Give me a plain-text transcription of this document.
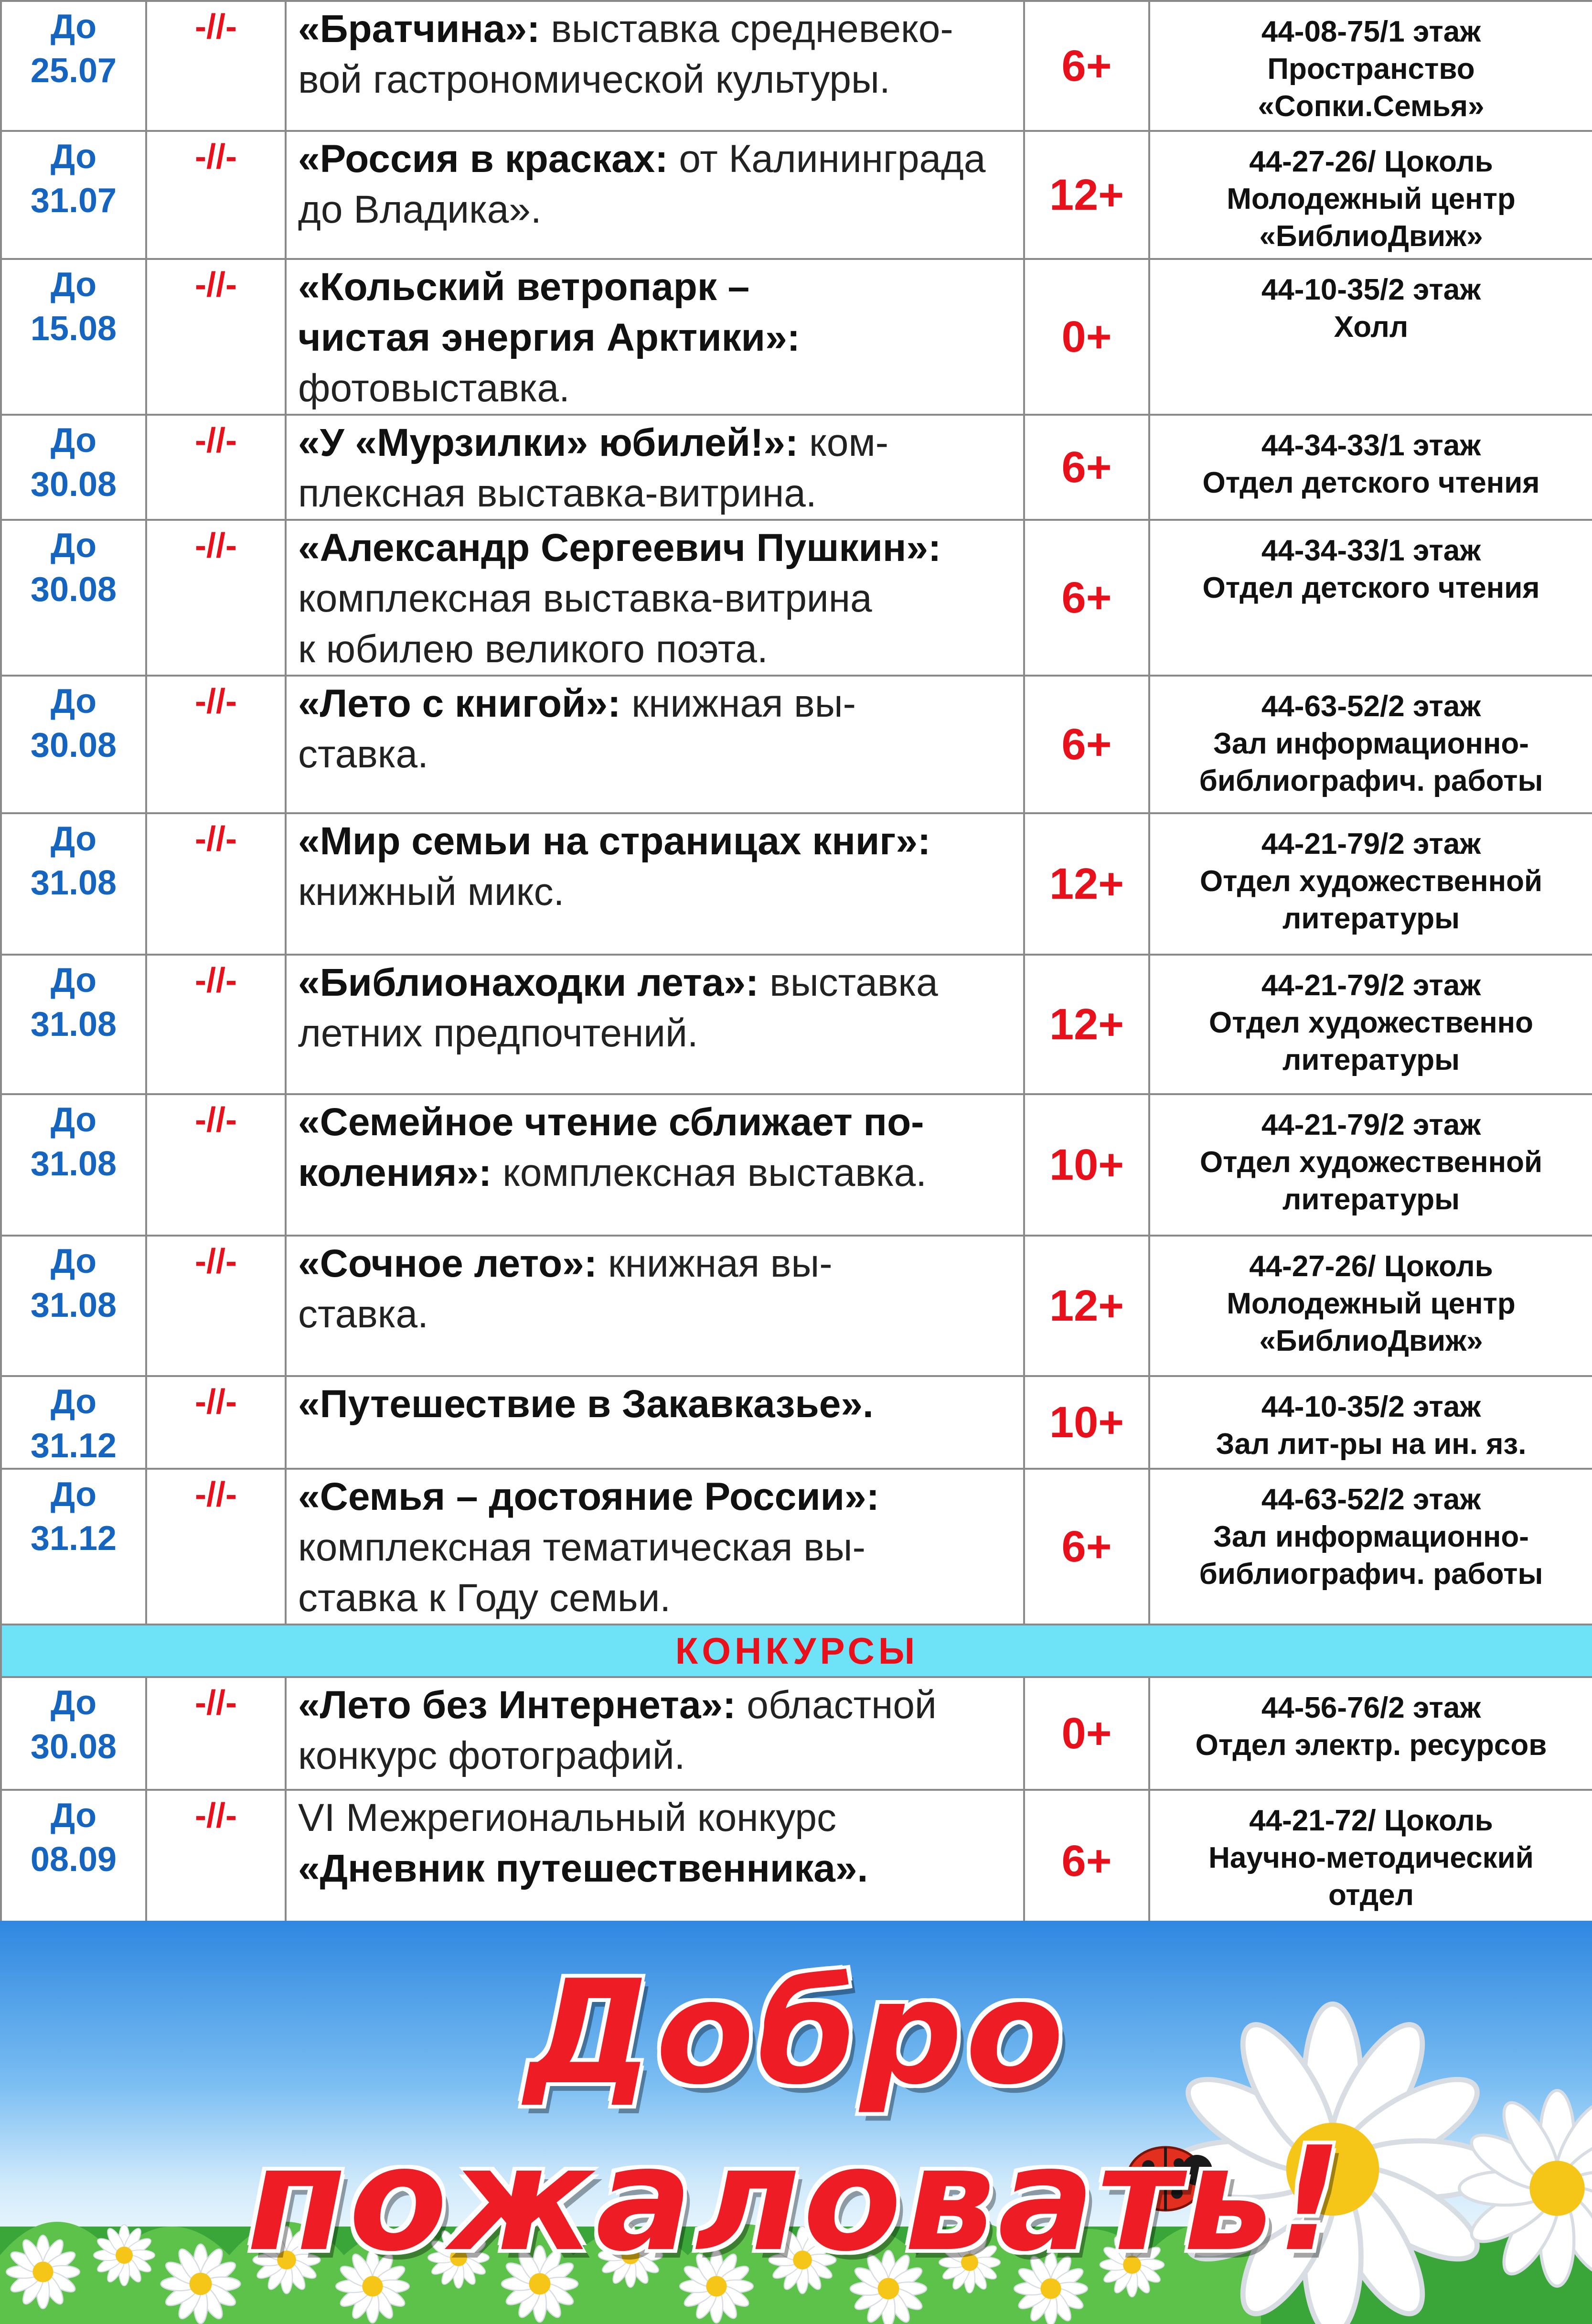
До
25.07	-//-	«Братчина»: выставка средневеко-
вой гастрономической культуры.	6+	44-08-75/1 этаж
Пространство
«Сопки.Семья»

До
31.07	-//-	«Россия в красках: от Калининграда
до Владика».	12+	44-27-26/ Цоколь
Молодежный центр
«БиблиоДвиж»

До
15.08	-//-	«Кольский ветропарк –
чистая энергия Арктики»:
фотовыставка.	0+	44-10-35/2 этаж
Холл

До
30.08	-//-	«У «Мурзилки» юбилей!»: ком-
плексная выставка-витрина.	6+	44-34-33/1 этаж
Отдел детского чтения

До
30.08	-//-	«Александр Сергеевич Пушкин»:
комплексная выставка-витрина
к юбилею великого поэта.	6+	44-34-33/1 этаж
Отдел детского чтения

До
30.08	-//-	«Лето с книгой»: книжная вы-
ставка.	6+	44-63-52/2 этаж
Зал информационно-
библиографич. работы

До
31.08	-//-	«Мир семьи на страницах книг»:
книжный микс.	12+	44-21-79/2 этаж
Отдел художественной
литературы

До
31.08	-//-	«Библионаходки лета»: выставка
летних предпочтений.	12+	44-21-79/2 этаж
Отдел художественно
литературы

До
31.08	-//-	«Семейное чтение сближает по-
коления»: комплексная выставка.	10+	44-21-79/2 этаж
Отдел художественной
литературы

До
31.08	-//-	«Сочное лето»: книжная вы-
ставка.	12+	44-27-26/ Цоколь
Молодежный центр
«БиблиоДвиж»

До
31.12	-//-	«Путешествие в Закавказье».	10+	44-10-35/2 этаж
Зал лит-ры на ин. яз.

До
31.12	-//-	«Семья – достояние России»:
комплексная тематическая вы-
ставка к Году семьи.	6+	44-63-52/2 этаж
Зал информационно-
библиографич. работы

КОНКУРСЫ				

До
30.08	-//-	«Лето без Интернета»: областной
конкурс фотографий.	0+	44-56-76/2 этаж
Отдел электр. ресурсов

До
08.09	-//-	VI Межрегиональный конкурс
«Дневник путешественника».	6+	44-21-72/ Цоколь
Научно-методический
отдел
Добро пожаловать!
